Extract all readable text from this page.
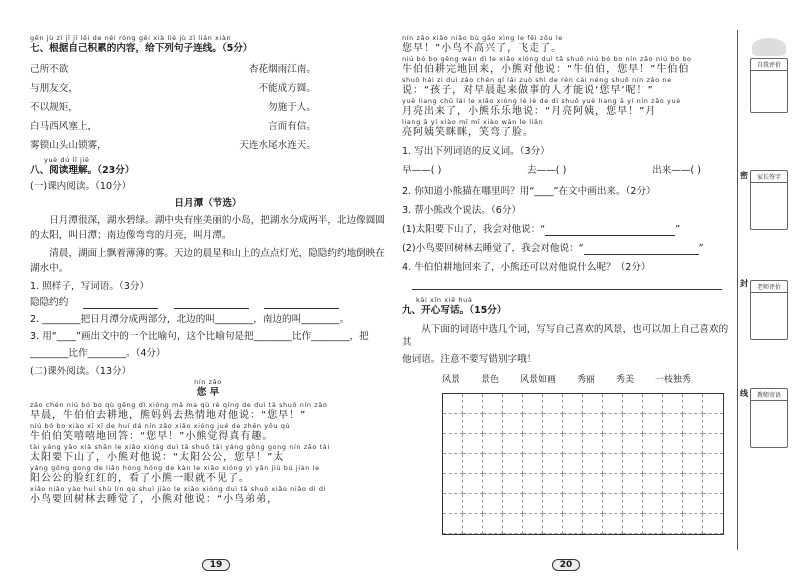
gēn jù zì jǐ jī lěi de nèi róng gěi xià liè jù zǐ lián xiàn
七、根据自己积累的内容，给下列句子连线。（5分）
己所不欲	杏花烟雨江南。
与朋友交，	不能成方圆。
不以规矩，	勿施于人。
白马西风塞上，	言而有信。
雾锁山头山锁雾，	天连水尾水连天。
yuè dú lǐ jiě
八、阅读理解。（23分）
(一)课内阅读。（10分）
日月潭（节选）
日月潭很深，湖水碧绿。湖中央有座美丽的小岛，把湖水分成两半，北边像圆圆的太阳，叫日潭；南边像弯弯的月亮，叫月潭。
清晨，湖面上飘着薄薄的雾。天边的晨星和山上的点点灯光，隐隐约约地倒映在湖水中。
1. 照样子，写词语。（3分）
隐隐约约
2. ________把日月潭分成两部分，北边的叫________，南边的叫________。
3. 用“____”画出文中的一个比喻句，这个比喻句是把________比作________，把
________比作________。（4分）
(二)课外阅读。（13分）
nín zǎo
您 早
zǎo chén niú bó bo qù gēng dì xióng mā ma qù rè qíng de duì tā shuō nín zǎo
早晨，牛伯伯去耕地，熊妈妈去热情地对他说：“您早！”
niú bó bo xiào xī xī de huí dá nín zǎo xiǎo xióng jué de zhēn yǒu qù
牛伯伯笑嘻嘻地回答：“您早！”小熊觉得真有趣。
tài yáng yào xià shān le xiǎo xióng duì tā shuō tài yáng gōng gong nín zǎo tài
太阳要下山了，小熊对他说：“太阳公公，您早！”太
yáng gōng gong de liǎn hóng hóng de kàn le xiǎo xióng yì yǎn jiù bú jiàn le
阳公公的脸红红的，看了小熊一眼就不见了。
xiǎo niǎo yào huí shù lín qù shuì jiào le xiǎo xióng duì tā shuō xiǎo niǎo dì di
小鸟要回树林去睡觉了，小熊对他说：“小鸟弟弟，
19
nín zǎo xiǎo niǎo bù gāo xìng le fēi zǒu le
您早！”小鸟不高兴了，飞走了。
niú bó bo gēng wán dì le xiǎo xióng duì tā shuō niú bó bo nín zǎo niú bó bo
牛伯伯耕完地回来，小熊对他说：“牛伯伯，您早！”牛伯伯
shuō hái zi duì zǎo chén qǐ lái zuò shì de rén cái néng shuō nín zǎo ne
说：“孩子，对早晨起来做事的人才能说‘您早’呢！”
yuè liang chū lái le xiǎo xióng lè lè de dì shuō yuè liang ā yí nín zǎo yuè
月亮出来了，小熊乐乐地说：“月亮阿姨，您早！”月
liang ā yí xiào mī mī xiào wān le liǎn
亮阿姨笑眯眯，笑弯了脸。
1. 写出下列词语的反义词。（3分）
早——( )	去——( )	出来——( )
2. 你知道小熊猫在哪里吗？用“____”在文中画出来。（2分）
3. 帮小熊改个说法。（6分）
(1)太阳要下山了，我会对他说：“	”
(2)小鸟要回树林去睡觉了，我会对他说：“	”
4. 牛伯伯耕地回来了，小熊还可以对他说什么呢？（2分）
kāi xīn xiě huà
九、开心写话。（15分）
从下面的词语中选几个词，写写自己喜欢的风景，也可以加上自己喜欢的其
他词语。注意不要写错别字哦！
风景 景色 风景如画 秀丽 秀美 一枝独秀
20
自我评价
密	家长签字
封	老师评价
线	教师寄语
